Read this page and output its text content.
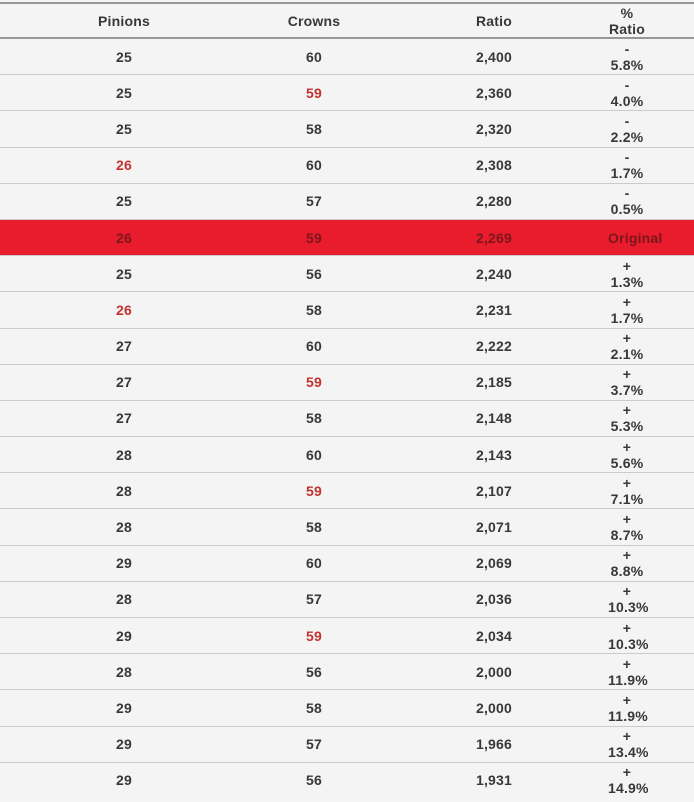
Pinions	Crowns	Ratio	% Ratio
25	60	2,400	- 5.8%
25	59	2,360	- 4.0%
25	58	2,320	- 2.2%
26	60	2,308	- 1.7%
25	57	2,280	- 0.5%
26	59	2,269	Original
25	56	2,240	+ 1.3%
26	58	2,231	+ 1.7%
27	60	2,222	+ 2.1%
27	59	2,185	+ 3.7%
27	58	2,148	+ 5.3%
28	60	2,143	+ 5.6%
28	59	2,107	+ 7.1%
28	58	2,071	+ 8.7%
29	60	2,069	+ 8.8%
28	57	2,036	+ 10.3%
29	59	2,034	+ 10.3%
28	56	2,000	+ 11.9%
29	58	2,000	+ 11.9%
29	57	1,966	+ 13.4%
29	56	1,931	+ 14.9%
